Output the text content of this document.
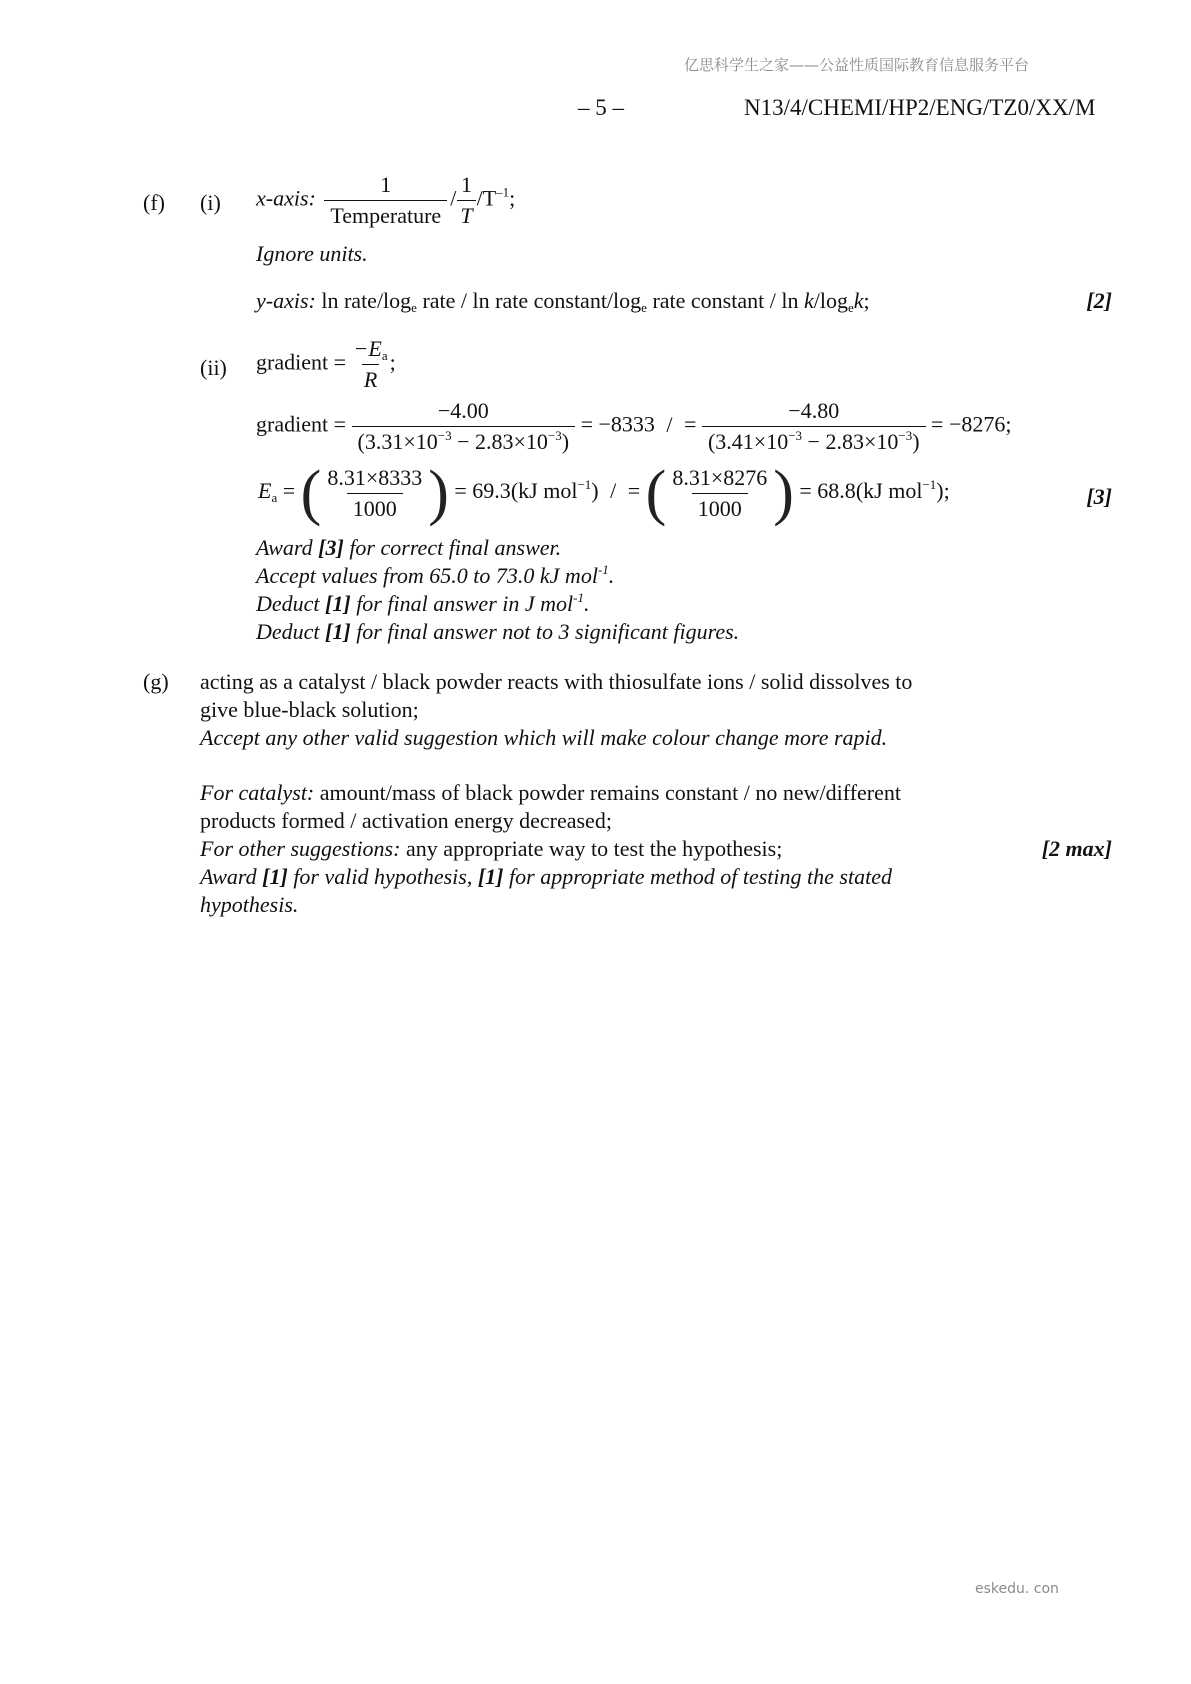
亿思科学生之家——公益性质国际教育信息服务平台
– 5 –	N13/4/CHEMI/HP2/ENG/TZ0/XX/M
(f) (i) x-axis: $\frac{1}{\text{Temperature}} / \frac{1}{T} /T^{-1}$;
Ignore units.
y-axis: ln rate/$\log_e$ rate / ln rate constant/$\log_e$ rate constant / $\ln k/\log_ek$;	[2]
(ii) gradient = $\frac{-E_a}{R}$ ;
gradient = $\frac{-4.00}{(3.31\times 10^{-3} - 2.83\times 10^{-3})} = -8333$ / = $\frac{-4.80}{(3.41\times 10^{-3} - 2.83\times 10^{-3})} = -8276$;
$E_a$ = ( $\frac{8.31\times 8333}{1000}$ ) = 69.3(kJ mol$^{-1}$) / = ( $\frac{8.31\times 8276}{1000}$ ) = 68.8(kJ mol$^{-1}$);	[3]
Award [3] for correct final answer.
Accept values from 65.0 to 73.0 kJ mol$^{-1}$.
Deduct [1] for final answer in J mol$^{-1}$.
Deduct [1] for final answer not to 3 significant figures.
(g) acting as a catalyst / black powder reacts with thiosulfate ions / solid dissolves to
give blue-black solution;
Accept any other valid suggestion which will make colour change more rapid.
For catalyst: amount/mass of black powder remains constant / no new/different
products formed / activation energy decreased;
For other suggestions: any appropriate way to test the hypothesis;	[2 max]
Award [1] for valid hypothesis, [1] for appropriate method of testing the stated
hypothesis.
eskedu. con
